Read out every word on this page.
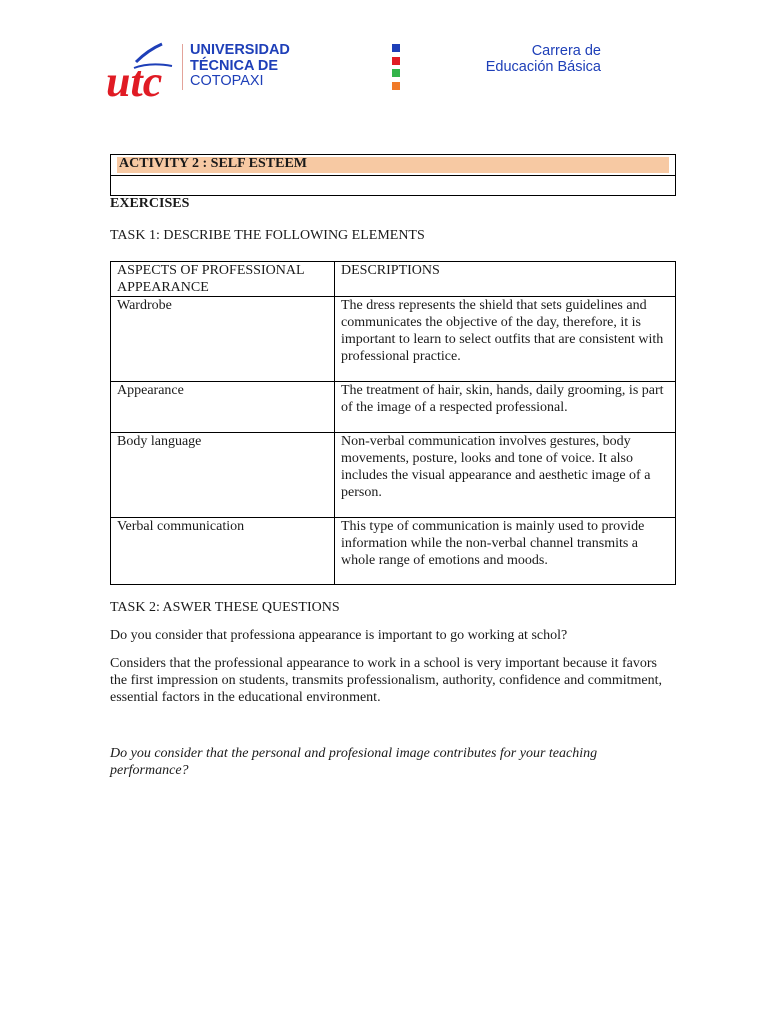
utc
UNIVERSIDAD
TÉCNICA DE
COTOPAXI
Carrera de
Educación Básica
ACTIVITY 2 : SELF ESTEEM
EXERCISES
TASK 1: DESCRIBE THE FOLLOWING ELEMENTS
ASPECTS OF PROFESSIONAL APPEARANCE	DESCRIPTIONS
Wardrobe	The dress represents the shield that sets guidelines and communicates the objective of the day, therefore, it is important to learn to select outfits that are consistent with professional practice.
Appearance	The treatment of hair, skin, hands, daily grooming, is part of the image of a respected professional.
Body language	Non-verbal communication involves gestures, body movements, posture, looks and tone of voice. It also includes the visual appearance and aesthetic image of a person.
Verbal communication	This type of communication is mainly used to provide information while the non-verbal channel transmits a whole range of emotions and moods.
TASK 2: ASWER THESE QUESTIONS
Do you consider that professiona appearance is important to go working at schol?
Considers that the professional appearance to work in a school is very important because it favors the first impression on students, transmits professionalism, authority, confidence and commitment, essential factors in the educational environment.
Do you consider that the personal and profesional image contributes for your teaching performance?
